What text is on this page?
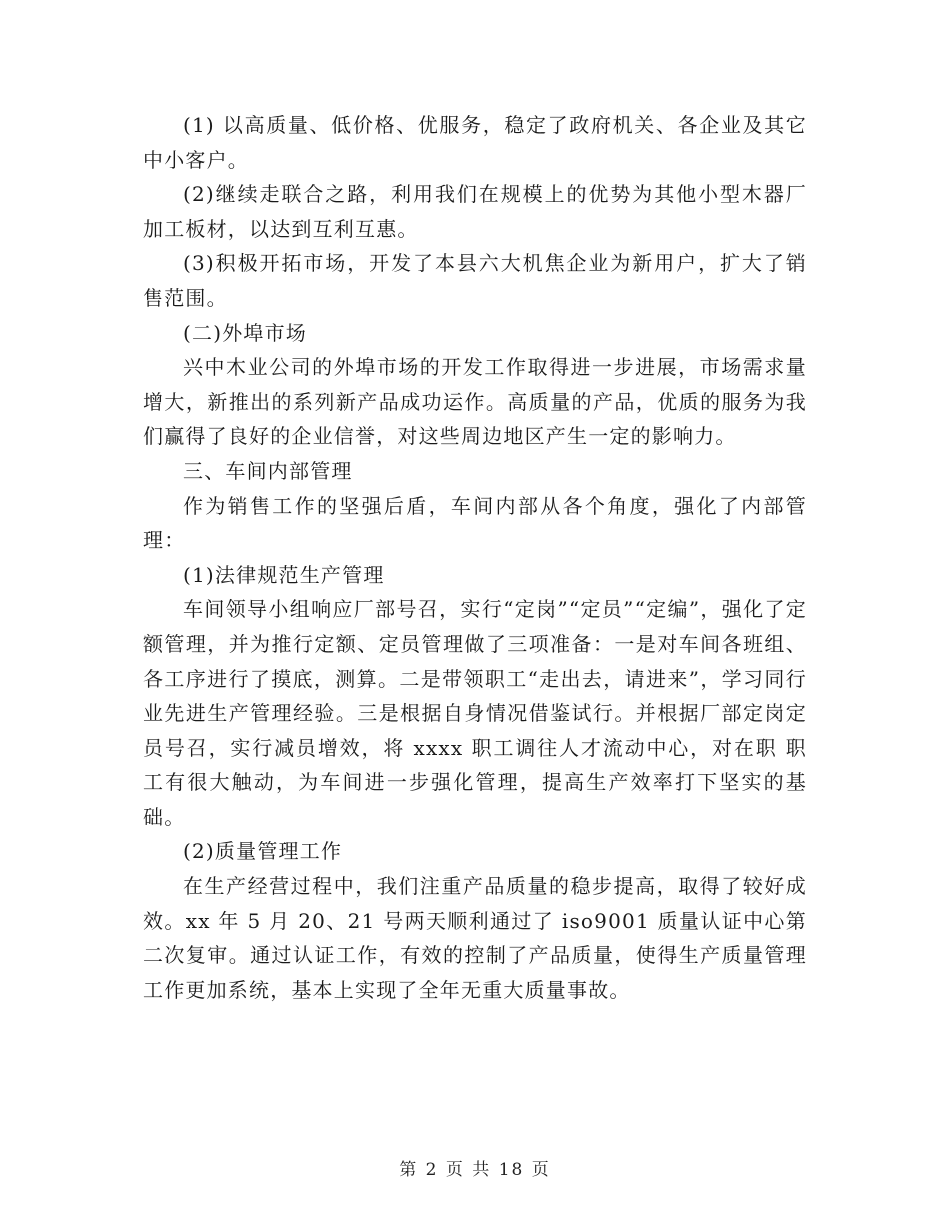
(1) 以高质量、低价格、优服务，稳定了政府机关、各企业及其它中小客户。

(2)继续走联合之路，利用我们在规模上的优势为其他小型木器厂加工板材，以达到互利互惠。

(3)积极开拓市场，开发了本县六大机焦企业为新用户，扩大了销售范围。

(二)外埠市场

兴中木业公司的外埠市场的开发工作取得进一步进展，市场需求量增大，新推出的系列新产品成功运作。高质量的产品，优质的服务为我们赢得了良好的企业信誉，对这些周边地区产生一定的影响力。

三、车间内部管理

作为销售工作的坚强后盾，车间内部从各个角度，强化了内部管理：

(1)法律规范生产管理

车间领导小组响应厂部号召，实行“定岗”“定员”“定编”，强化了定额管理，并为推行定额、定员管理做了三项准备：一是对车间各班组、各工序进行了摸底，测算。二是带领职工“走出去，请进来”，学习同行业先进生产管理经验。三是根据自身情况借鉴试行。并根据厂部定岗定员号召，实行减员增效，将 xxxx 职工调往人才流动中心，对在职 职工有很大触动，为车间进一步强化管理，提高生产效率打下坚实的基础。

(2)质量管理工作

在生产经营过程中，我们注重产品质量的稳步提高，取得了较好成效。xx 年 5 月 20、21 号两天顺利通过了 iso9001 质量认证中心第二次复审。通过认证工作，有效的控制了产品质量，使得生产质量管理工作更加系统，基本上实现了全年无重大质量事故。

第 2 页 共 18 页
